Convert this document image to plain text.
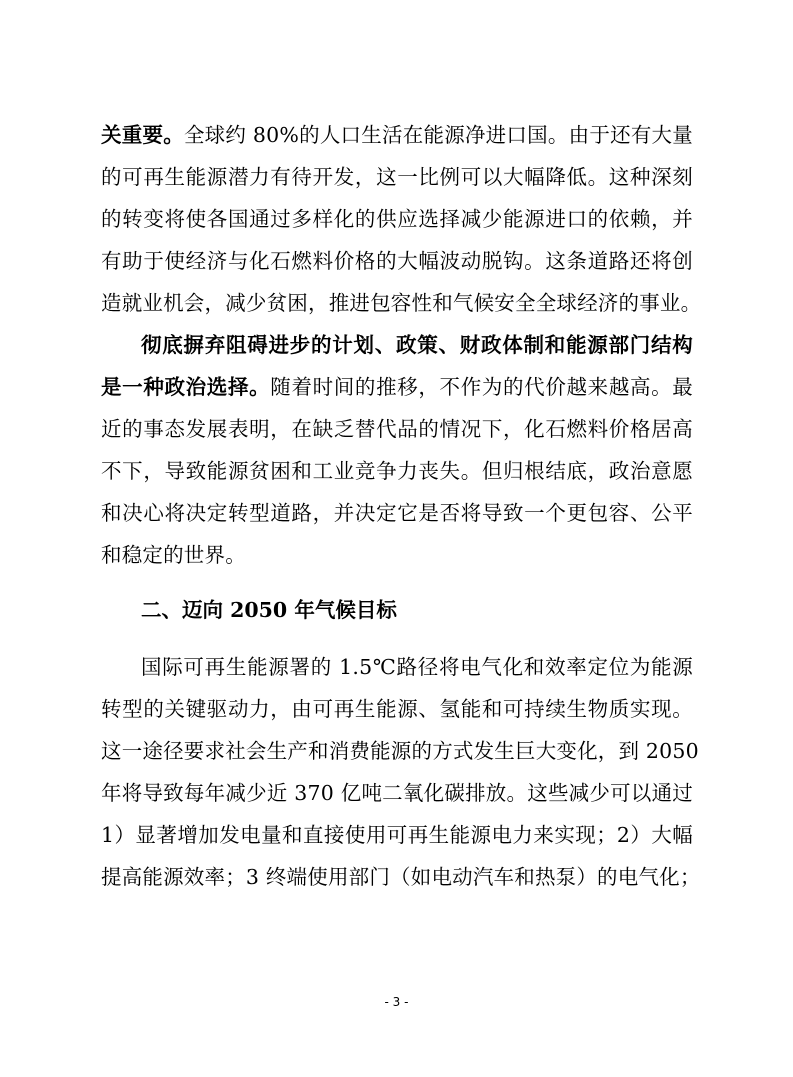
关重要。全球约 80%的人口生活在能源净进口国。由于还有大量
的可再生能源潜力有待开发，这一比例可以大幅降低。这种深刻
的转变将使各国通过多样化的供应选择减少能源进口的依赖，并
有助于使经济与化石燃料价格的大幅波动脱钩。这条道路还将创
造就业机会，减少贫困，推进包容性和气候安全全球经济的事业。
彻底摒弃阻碍进步的计划、政策、财政体制和能源部门结构
是一种政治选择。随着时间的推移，不作为的代价越来越高。最
近的事态发展表明，在缺乏替代品的情况下，化石燃料价格居高
不下，导致能源贫困和工业竞争力丧失。但归根结底，政治意愿
和决心将决定转型道路，并决定它是否将导致一个更包容、公平
和稳定的世界。
二、迈向 2050 年气候目标
国际可再生能源署的 1.5℃路径将电气化和效率定位为能源
转型的关键驱动力，由可再生能源、氢能和可持续生物质实现。
这一途径要求社会生产和消费能源的方式发生巨大变化，到 2050
年将导致每年减少近 370 亿吨二氧化碳排放。这些减少可以通过
1）显著增加发电量和直接使用可再生能源电力来实现；2）大幅
提高能源效率；3 终端使用部门（如电动汽车和热泵）的电气化；
- 3 -
